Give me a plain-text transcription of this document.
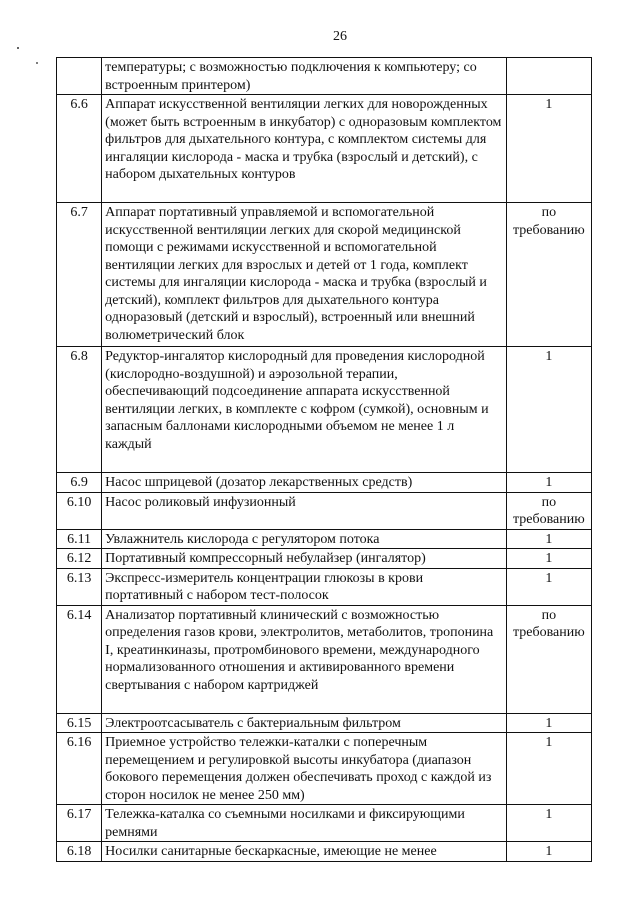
26
	температуры; с возможностью подключения к компьютеру; со встроенным принтером)	
6.6	Аппарат искусственной вентиляции легких для новорожденных (может быть встроенным в инкубатор) с одноразовым комплектом фильтров для дыхательного контура, с комплектом системы для ингаляции кислорода - маска и трубка (взрослый и детский), с набором дыхательных контуров	1
6.7	Аппарат портативный управляемой и вспомогательной искусственной вентиляции легких для скорой медицинской помощи с режимами искусственной и вспомогательной вентиляции легких для взрослых и детей от 1 года, комплект системы для ингаляции кислорода - маска и трубка (взрослый и детский), комплект фильтров для дыхательного контура одноразовый (детский и взрослый), встроенный или внешний волюметрический блок	по требованию
6.8	Редуктор-ингалятор кислородный для проведения кислородной (кислородно-воздушной) и аэрозольной терапии, обеспечивающий подсоединение аппарата искусственной вентиляции легких, в комплекте с кофром (сумкой), основным и запасным баллонами кислородными объемом не менее 1 л каждый	1
6.9	Насос шприцевой (дозатор лекарственных средств)	1
6.10	Насос роликовый инфузионный	по требованию
6.11	Увлажнитель кислорода с регулятором потока	1
6.12	Портативный компрессорный небулайзер (ингалятор)	1
6.13	Экспресс-измеритель концентрации глюкозы в крови портативный с набором тест-полосок	1
6.14	Анализатор портативный клинический с возможностью определения газов крови, электролитов, метаболитов, тропонина I, креатинкиназы, протромбинового времени, международного нормализованного отношения и активированного времени свертывания с набором картриджей	по требованию
6.15	Электроотсасыватель с бактериальным фильтром	1
6.16	Приемное устройство тележки-каталки с поперечным перемещением и регулировкой высоты инкубатора (диапазон бокового перемещения должен обеспечивать проход с каждой из сторон носилок не менее 250 мм)	1
6.17	Тележка-каталка со съемными носилками и фиксирующими ремнями	1
6.18	Носилки санитарные бескаркасные, имеющие не менее	1
